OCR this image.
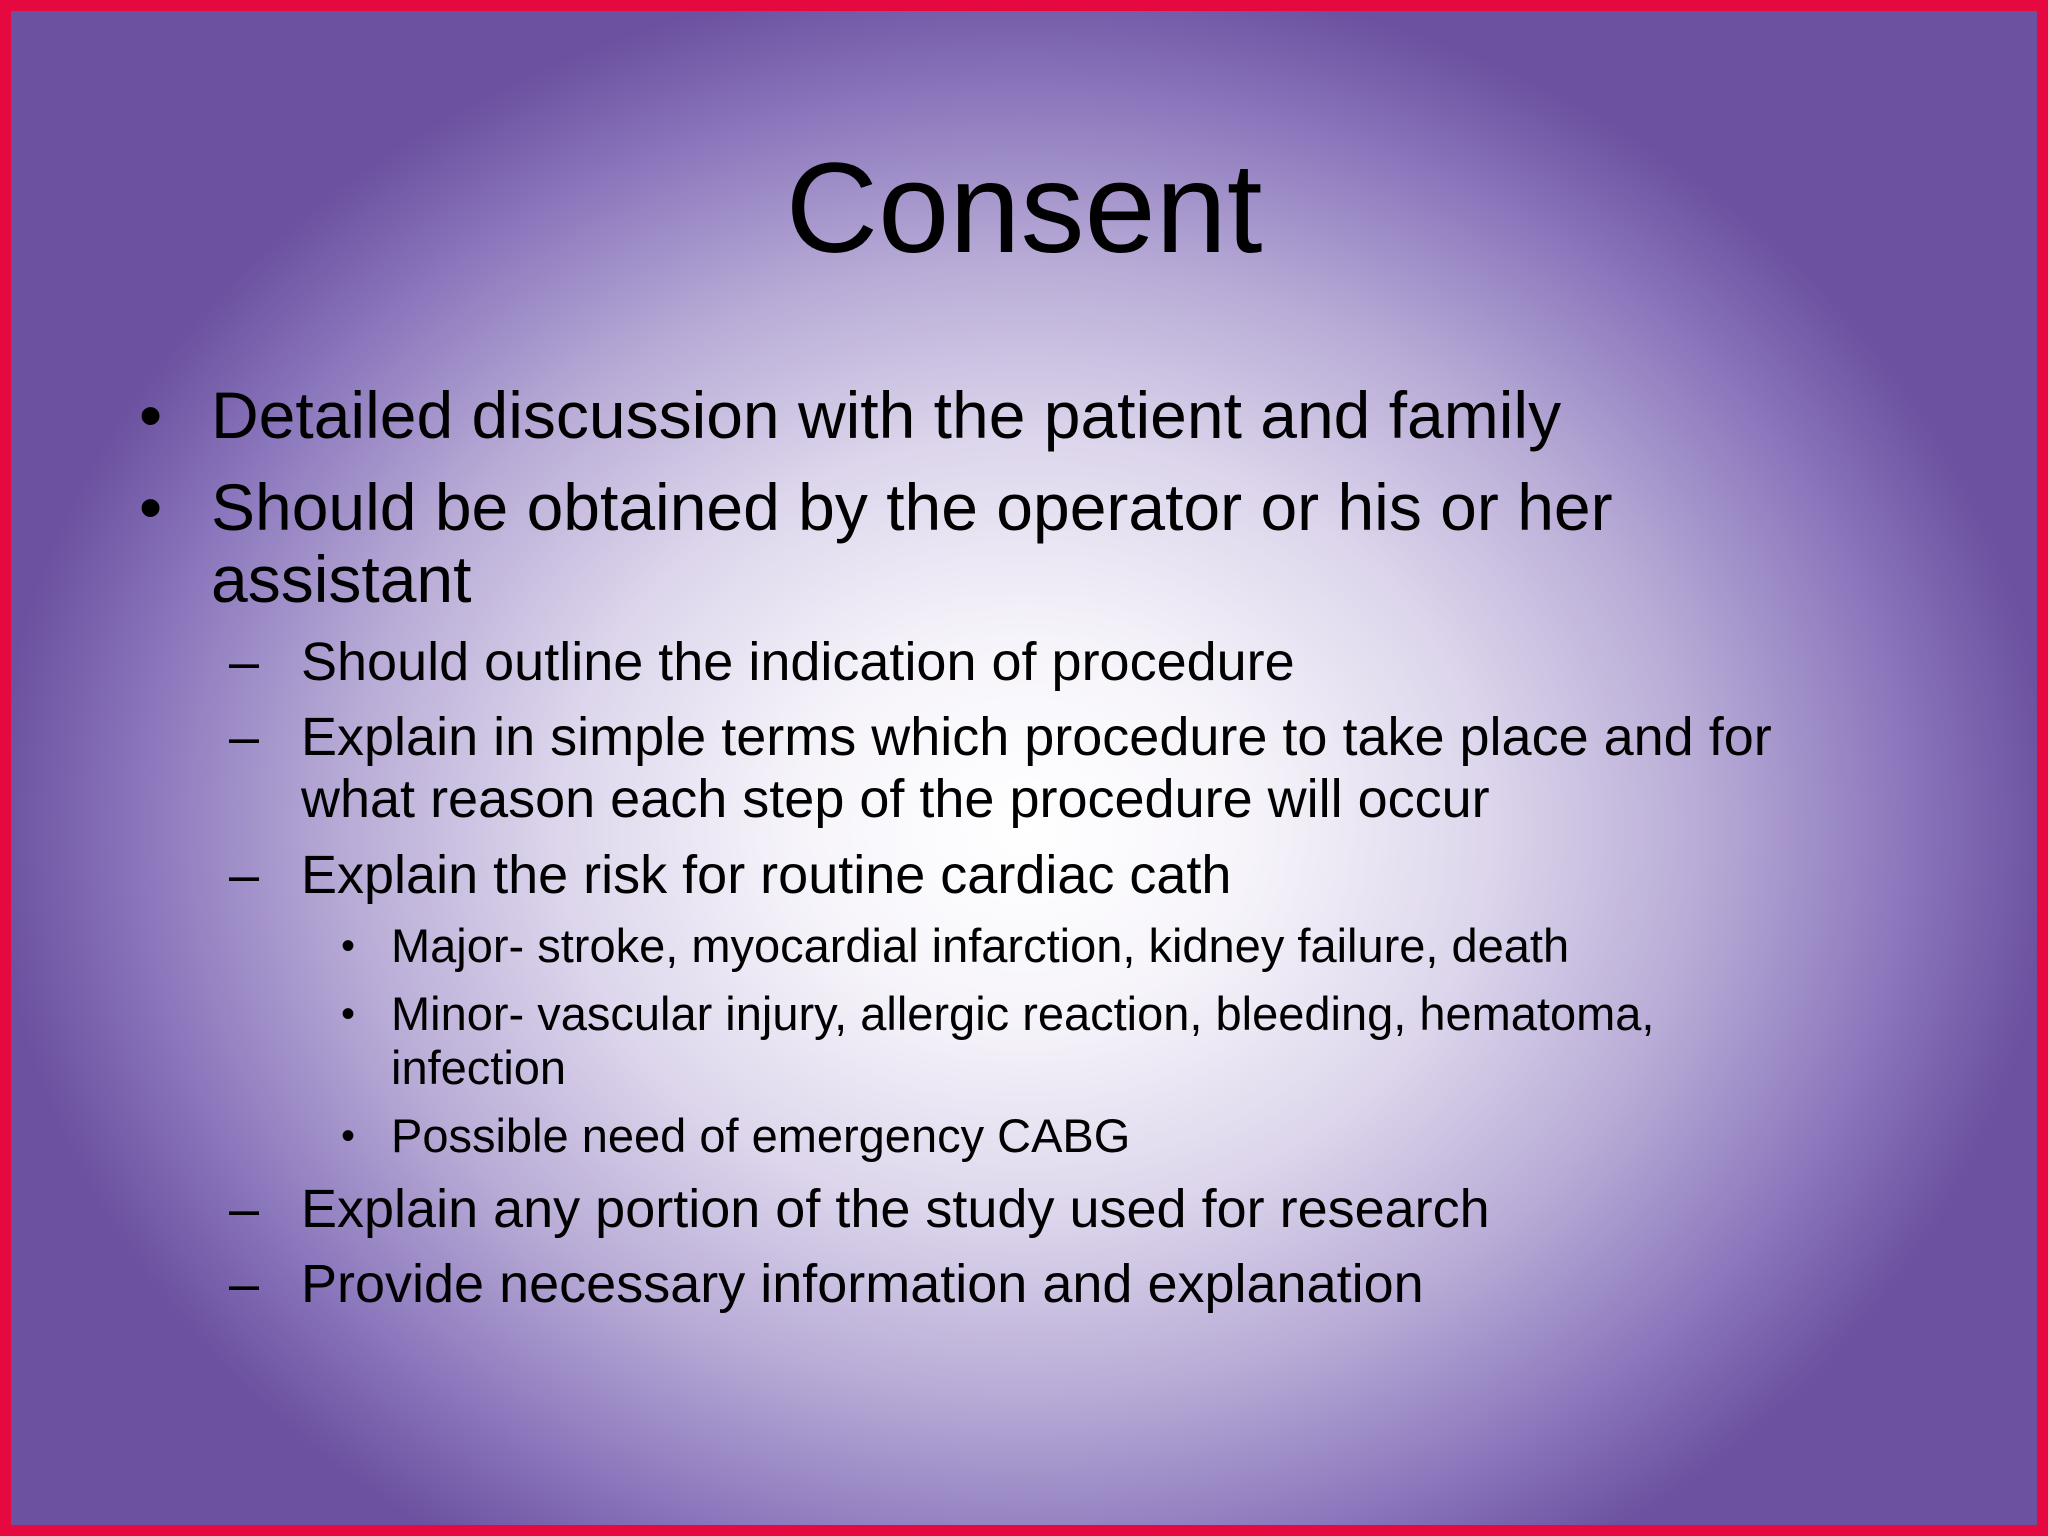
Consent
• Detailed discussion with the patient and family
• Should be obtained by the operator or his or her
assistant
– Should outline the indication of procedure
– Explain in simple terms which procedure to take place and for
what reason each step of the procedure will occur
– Explain the risk for routine cardiac cath
• Major- stroke, myocardial infarction, kidney failure, death
• Minor- vascular injury, allergic reaction, bleeding, hematoma,
infection
• Possible need of emergency CABG
– Explain any portion of the study used for research
– Provide necessary information and explanation
